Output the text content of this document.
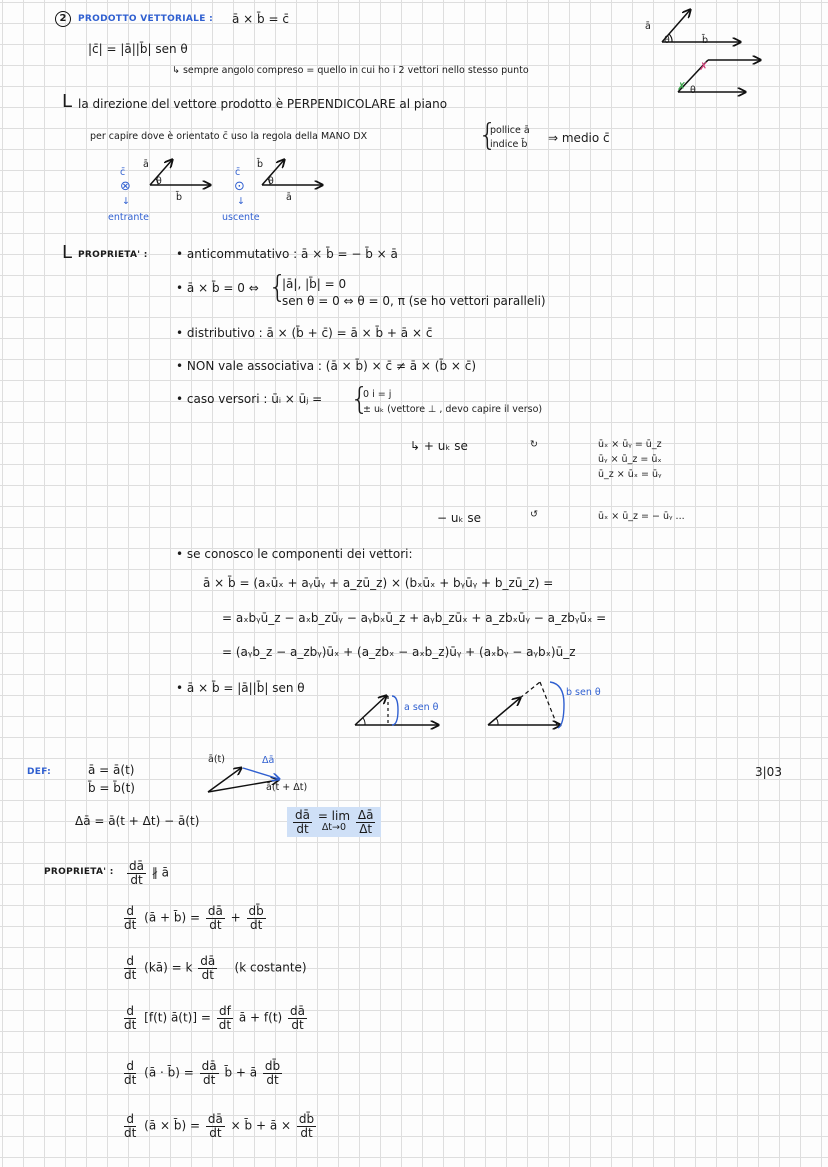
2	PRODOTTO VETTORIALE : ā × b̄ = c̄
|c̄| = |ā||b̄| sen θ
↳ sempre angolo compreso = quello in cui ho i 2 vettori nello stesso punto
L la direzione del vettore prodotto è PERPENDICOLARE al piano
per capire dove è orientato c̄ uso la regola della MANO DX	{
pollice ā
indice b̄ ⇒ medio c̄
✗
✗
ā
θ	b̄
θ
c̄
⊗
ā
θ
b̄
↓
entrante
c̄
⊙
b̄
θ
ā
↓
uscente
L PROPRIETA' : • anticommutativo : ā × b̄ = − b̄ × ā
• ā × b̄ = 0 ⇔ {
|ā|, |b̄| = 0
sen θ = 0 ⇔ θ = 0, π (se ho vettori paralleli)
• distributivo : ā × (b̄ + c̄) = ā × b̄ + ā × c̄
• NON vale associativa : (ā × b̄) × c̄ ≠ ā × (b̄ × c̄)
• caso versori : ūᵢ × ūⱼ = {
0 i = j
± uₖ (vettore ⊥ , devo capire il verso)
↳ + uₖ se	↻	ūₓ × ūᵧ = ū_z
ūᵧ × ū_z = ūₓ
ū_z × ūₓ = ūᵧ
− uₖ se	↺	ūₓ × ū_z = − ūᵧ ...
• se conosco le componenti dei vettori:
ā × b̄ = (aₓūₓ + aᵧūᵧ + a_zū_z) × (bₓūₓ + bᵧūᵧ + b_zū_z) =
= aₓbᵧū_z − aₓb_zūᵧ − aᵧbₓū_z + aᵧb_zūₓ + a_zbₓūᵧ − a_zbᵧūₓ =
= (aᵧb_z − a_zbᵧ)ūₓ + (a_zbₓ − aₓb_z)ūᵧ + (aₓbᵧ − aᵧbₓ)ū_z
• ā × b̄ = |ā||b̄| sen θ
a sen θ
b sen θ
DEF:	ā = ā(t)
b̄ = b̄(t)
ā(t)	Δā
ā(t + Δt)
3|03
Δā = ā(t + Δt) − ā(t)	$\frac{dā}{dt}$
= lim
Δt→0
$\frac{\Delta ā}{\Delta t}$
PROPRIETA' : $\frac{dā}{dt}$ ∦ ā
$\frac{d}{dt}$ (ā + b̄) = $\frac{dā}{dt} + \frac{db̄}{dt}$
$\frac{d}{dt}$ (kā) = k $\frac{dā}{dt} (k$ costante)
$\frac{d}{dt} [f(t)$ ā(t)] = $\frac{df}{dt}$ ā + $f(t) \frac{dā}{dt}$
$\frac{d}{dt}$ (ā · b̄) = $\frac{dā}{dt}$ b̄ + ā $\frac{db̄}{dt}$
$\frac{d}{dt}$ (ā × b̄) = $\frac{dā}{dt}$ × b̄ + ā × $\frac{db̄}{dt}$
